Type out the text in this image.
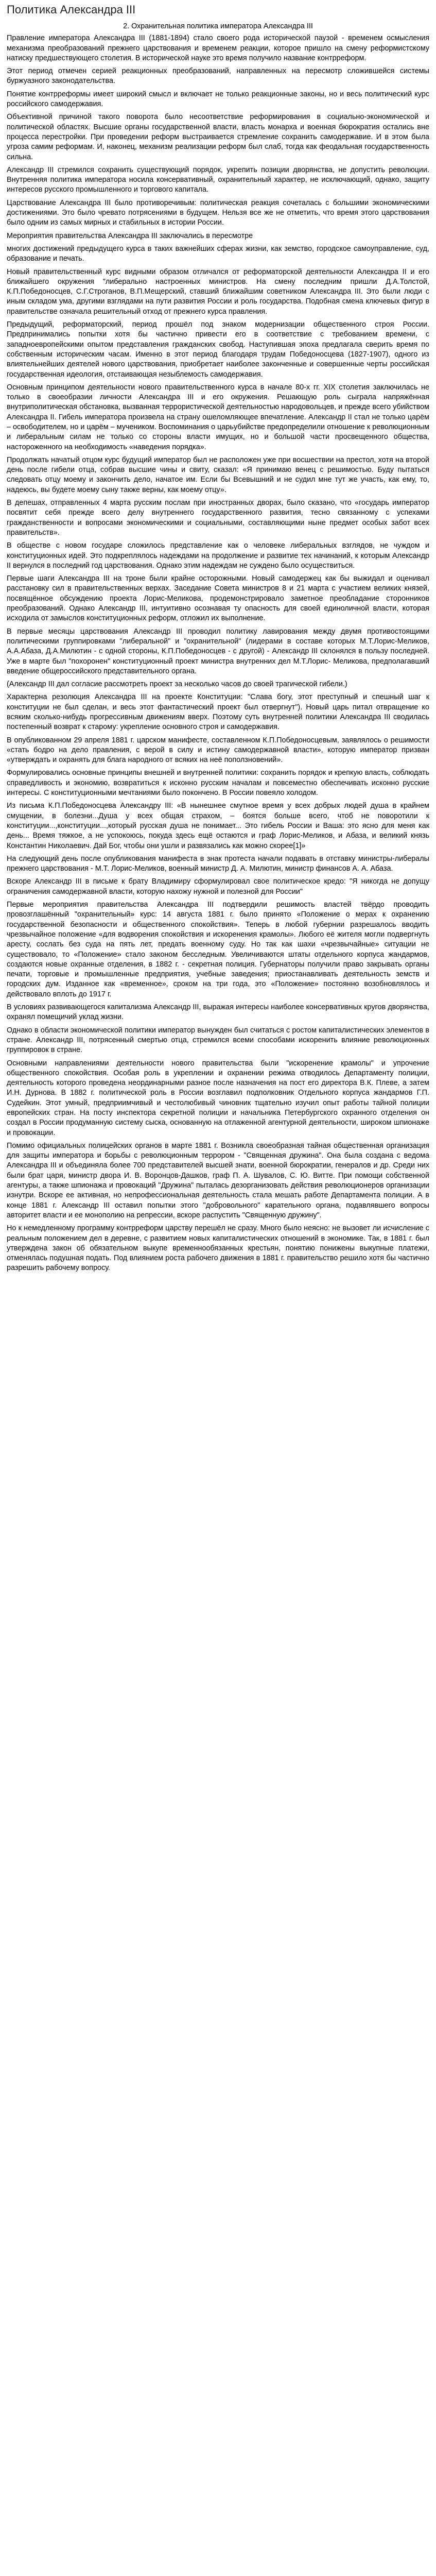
Политика Александра III

2. Охранительная политика императора Александра III

Правление императора Александра III (1881-1894) стало своего рода исторической паузой - временем осмысления механизма преобразований прежнего царствования и временем реакции, которое пришло на смену реформистскому натиску предшествующего столетия. В исторической науке это время получило название контрреформ.

Этот период отмечен серией реакционных преобразований, направленных на пересмотр сложившейся системы буржуазного законодательства.

Понятие контрреформы имеет широкий смысл и включает не только реакционные законы, но и весь политический курс российского самодержавия.

Объективной причиной такого поворота было несоответствие реформирования в социально-экономической и политической областях. Высшие органы государственной власти, власть монарха и военная бюрократия остались вне процесса перестройки. При проведении реформ выстраивается стремление сохранить самодержавие. И в этом была угроза самим реформам. И, наконец, механизм реализации реформ был слаб, тогда как феодальная государственность сильна.

Александр III стремился сохранить существующий порядок, укрепить позиции дворянства, не допустить революции. Внутренняя политика императора носила консервативный, охранительный характер, не исключающий, однако, защиту интересов русского промышленного и торгового капитала.

Царствование Александра III было противоречивым: политическая реакция сочеталась с большими экономическими достижениями. Это было чревато потрясениями в будущем. Нельзя все же не отметить, что время этого царствования было одним из самых мирных и стабильных в истории России.

Мероприятия правительства Александра III заключались в пересмотре

многих достижений предыдущего курса в таких важнейших сферах жизни, как земство, городское самоуправление, суд, образование и печать.

Новый правительственный курс видными образом отличался от реформаторской деятельности Александра II и его ближайшего окружения "либерально настроенных министров. На смену последним пришли Д.А.Толстой, К.П.Победоносцев, С.Г.Строганов, В.П.Мещерский, ставший ближайшим советником Александра III. Это были люди с иным складом ума, другими взглядами на пути развития России и роль государства. Подобная смена ключевых фигур в правительстве означала решительный отход от прежнего курса правления.

Предыдущий, реформаторский, период прошёл под знаком модернизации общественного строя России. Предпринимались попытки хотя бы частично привести его в соответствие с требованием времени, с западноевропейскими опытом представления гражданских свобод. Наступившая эпоха предлагала сверить время по собственным историческим часам. Именно в этот период благодаря трудам Победоносцева (1827-1907), одного из влиятельнейших деятелей нового царствования, приобретает наиболее законченные и совершенные черты российская государственная идеология, отстаивающая незыблемость самодержавия.

Основным принципом деятельности нового правительственного курса в начале 80-х гг. XIX столетия заключилась не только в своеобразии личности Александра III и его окружения. Решающую роль сыграла напряжённая внутриполитическая обстановка, вызванная террористической деятельностью народовольцев, и прежде всего убийством Александра II. Гибель императора произвела на страну ошеломляющее впечатление. Александр II стал не только царём – освободителем, но и царём – мучеником. Воспоминания о царьубийстве предопределили отношение к революционным и либеральным силам не только со стороны власти имущих, но и большой части просвещенного общества, настороженного на необходимость «наведения порядка».

Продолжать начатый отцом курс будущий император был не расположен уже при восшествии на престол, хотя на второй день после гибели отца, собрав высшие чины и свиту, сказал: «Я принимаю венец с решимостью. Буду пытаться следовать отцу моему и закончить дело, начатое им. Если бы Всевышний и не судил мне тут же участь, как ему, то, надеюсь, вы будете моему сыну также верны, как моему отцу».

В депешах, отправленных 4 марта русским послам при иностранных дворах, было сказано, что «государь император посвятит себя прежде всего делу внутреннего государственного развития, тесно связанному с успехами гражданственности и вопросами экономическими и социальными, составляющими ныне предмет особых забот всех правительств».

В обществе с новом государе сложилось представление как о человеке либеральных взглядов, не чуждом и конституционных идей. Это подкреплялось надеждами на продолжение и развитие тех начинаний, к которым Александр II вернулся в последний год царствования. Однако этим надеждам не суждено было осуществиться.

Первые шаги Александра III на троне были крайне осторожными. Новый самодержец как бы выжидал и оценивал расстановку сил в правительственных верхах. Заседание Совета министров 8 и 21 марта с участием великих князей, посвящённое обсуждению проекта Лорис-Меликова, продемонстрировало заметное преобладание сторонников преобразований. Однако Александр III, интуитивно осознавая ту опасность для своей единоличной власти, которая исходила от замыслов конституционных реформ, отложил их выполнение.

В первые месяцы царствования Александр III проводил политику лавирования между двумя противостоящими политическими группировками "либеральной" и "охранительной" (лидерами в составе которых М.Т.Лорис-Меликов, А.А.Абаза, Д.А.Милютин - с одной стороны, К.П.Победоносцев - с другой) - Александр III склонялся в пользу последней. Уже в марте был "похоронен" конституционный проект министра внутренних дел М.Т.Лорис- Меликова, предполагавший введение общероссийского представительного органа.

(Александр III дал согласие рассмотреть проект за несколько часов до своей трагической гибели.)

Характерна резолюция Александра III на проекте Конституции: "Слава богу, этот преступный и спешный шаг к конституции не был сделан, и весь этот фантастический проект был отвергнут"). Новый царь питал отвращение ко всяким сколько-нибудь прогрессивным движениям вверх. Поэтому суть внутренней политики Александра III сводилась постепенный возврат к старому: укрепление основного строя и самодержавия.

В опубликованном 29 апреля 1881 г. царском манифесте, составленном К.П.Победоносцевым, заявлялось о решимости «стать бодро на дело правления, с верой в силу и истину самодержавной власти», которую император призван «утверждать и охранять для блага народного от всяких на неё поползновений».

Формулировались основные принципы внешней и внутренней политики: сохранить порядок и крепкую власть, соблюдать справедливость и экономию, возвратиться к исконно русским началам и повсеместно обеспечивать исконно русские интересы. С конституционными мечтаниями было покончено. В России повеяло холодом.

Из письма К.П.Победоносцева Александру III: «В нынешнее смутное время у всех добрых людей душа в крайнем смущении, в болезни...Душа у всех общая страхом, – боятся больше всего, чтоб не поворотили к конституции...,конституции...,который русская душа не понимает... Это гибель России и Ваша: это ясно для меня как день... Время тяжкое, а не успокоюсь, покуда здесь ещё остаются и граф Лорис-Меликов, и Абаза, и великий князь Константин Николаевич. Дай Бог, чтобы они ушли и развязались как можно скорее[1]»

На следующий день после опубликования манифеста в знак протеста начали подавать в отставку министры-либералы прежнего царствования - М.Т. Лорис-Меликов, военный министр Д. А. Милютин, министр финансов А. А. Абаза.

Вскоре Александр III в письме к брату Владимиру сформулировал свое политическое кредо: "Я никогда не допущу ограничения самодержавной власти, которую нахожу нужной и полезной для России"

Первые мероприятия правительства Александра III подтвердили решимость властей твёрдо проводить провозглашённый "охранительный» курс: 14 августа 1881 г. было принято «Положение о мерах к охранению государственной безопасности и общественного спокойствия». Теперь в любой губернии разрешалось вводить чрезвычайное положение «для водворения спокойствия и искоренения крамолы». Любого её жителя могли подвергнуть аресту, сослать без суда на пять лет, предать военному суду. Но так как шахи «чрезвычайные» ситуации не существовало, то «Положение» стало законом бесследным. Увеличиваются штаты отдельного корпуса жандармов, создаются новые охранные отделения, в 1882 г. - секретная полиция. Губернаторы получили право закрывать органы печати, торговые и промышленные предприятия, учебные заведения; приостанавливать деятельность земств и городских дум. Изданное как «временное», сроком на три года, это «Положение» постоянно возобновлялось и действовало вплоть до 1917 г.

В условиях развивающегося капитализма Александр III, выражая интересы наиболее консервативных кругов дворянства, охранял помещичий уклад жизни.

Однако в области экономической политики император вынужден был считаться с ростом капиталистических элементов в стране. Александр III, потрясенный смертью отца, стремился всеми способами искоренить влияние революционных группировок в стране.

Основными направлениями деятельности нового правительства были "искоренение крамолы" и упрочение общественного спокойствия. Особая роль в укреплении и охранении режима отводилось Департаменту полиции, деятельность которого проведена неординарными разное после назначения на пост его директора В.К. Плеве, а затем И.Н. Дурнова. В 1882 г. политической роль в России возглавил подполковник Отдельного корпуса жандармов Г.П. Судейкин. Этот умный, предприимчивый и честолюбивый чиновник тщательно изучил опыт работы тайной полиции европейских стран. На посту инспектора секретной полиции и начальника Петербургского охранного отделения он создал в России продуманную систему сыска, основанную на отлаженной агентурной деятельности, широком шпионаже и провокации.

Помимо официальных полицейских органов в марте 1881 г. Возникла своеобразная тайная общественная организация для защиты императора и борьбы с революционным террором - "Священная дружина". Она была создана с ведома Александра III и объединяла более 700 представителей высшей знати, военной бюрократии, генералов и др. Среди них были брат царя, министр двора И. В. Воронцов-Дашков, граф П. А. Шувалов, С. Ю. Витте. При помощи собственной агентуры, а также шпионажа и провокаций "Дружина" пыталась дезорганизовать действия революционеров организации изнутри. Вскоре ее активная, но непрофессиональная деятельность стала мешать работе Департамента полиции. А в конце 1881 г. Александр III оставил попытки этого "добровольного" карательного органа, подавлявшего вопросы авторитет власти и ее монополию на репрессии, вскоре распустить "Священную дружину".

Но к немедленному программу контрреформ царству перешёл не сразу. Много было неясно: не вызовет ли исчисление с реальным положением дел в деревне, с развитием новых капиталистических отношений в экономике. Так, в 1881 г. был утверждена закон об обязательном выкупе временнообязанных крестьян, понятию понижены выкупные платежи, отменялась подушная подать. Под влиянием роста рабочего движения в 1881 г. правительство решило хотя бы частично разрешить рабочему вопросу.
